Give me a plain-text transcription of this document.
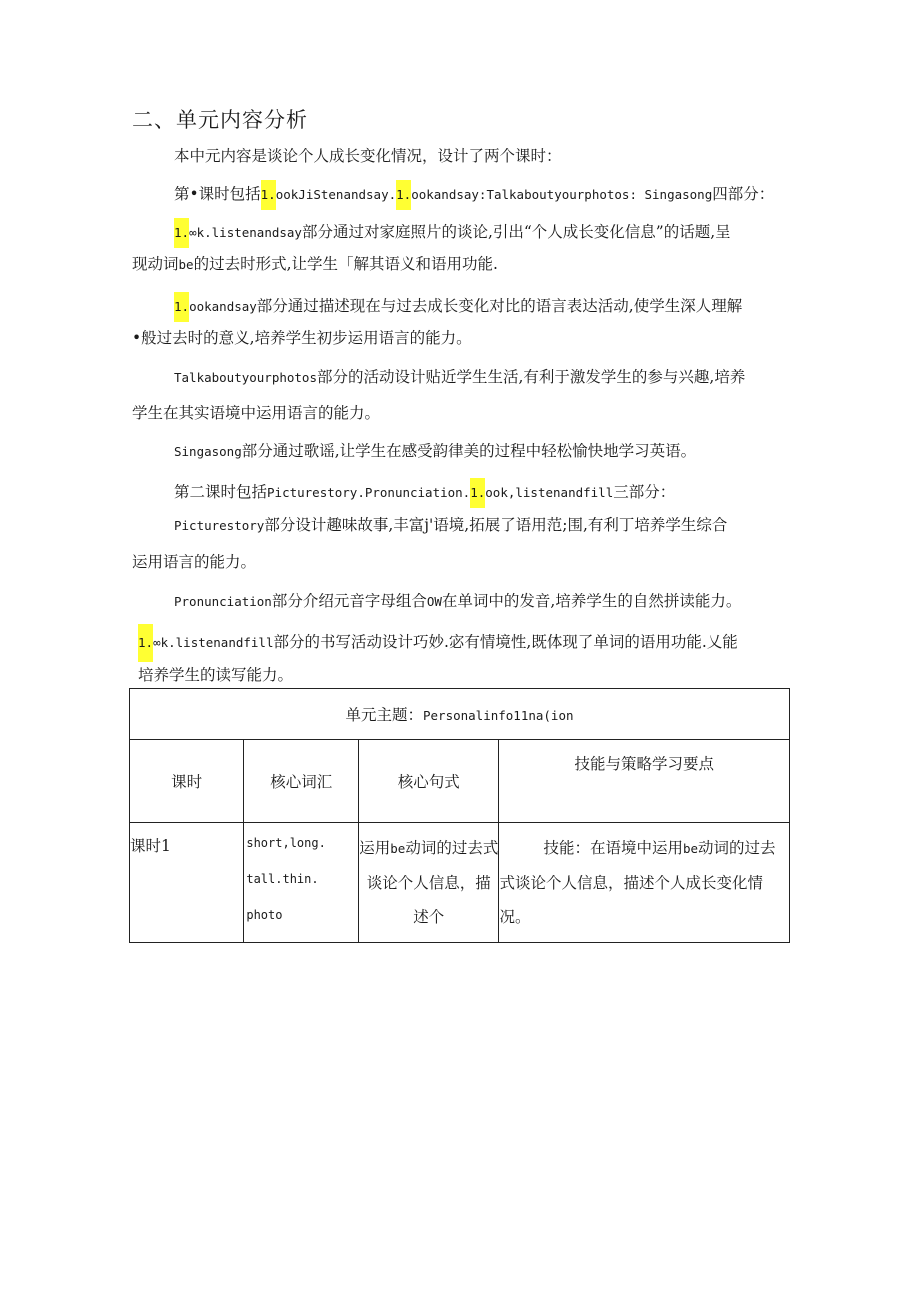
二、单元内容分析
本中元内容是谈论个人成长变化情况，设计了两个课时：
第•课时包括1.ookJiStenandsay.1.ookandsay:Talkaboutyourphotos: Singasong四部分：
1.∞k.listenandsay部分通过对家庭照片的谈论,引出“个人成长变化信息”的话题,呈
现动词be的过去时形式,让学生「解其语义和语用功能.
1.ookandsay部分通过描述现在与过去成长变化对比的语言表达活动,使学生深人理解
•般过去时的意义,培养学生初步运用语言的能力。
Talkaboutyourphotos部分的活动设计贴近学生生活,有利于激发学生的参与兴趣,培养
学生在其实语境中运用语言的能力。
Singasong部分通过歌谣,让学生在感受韵律美的过程中轻松愉快地学习英语。
第二课时包括Picturestory.Pronunciation.1.ook,listenandfill三部分：
Picturestory部分设计趣味故事,丰富j'语境,拓展了语用范;围,有利丁培养学生综合
运用语言的能力。
Pronunciation部分介绍元音字母组合OW在单词中的发音,培养学生的自然拼读能力。
1.∞k.listenandfill部分的书写活动设计巧妙.宓有情境性,既体现了单词的语用功能.乂能
培养学生的读写能力。
单元主题：Personalinfo11na(ion			
课时	核心词汇	核心句式	技能与策略学习要点
课时1	short,long.
tall.thin.
photo	运用be动词的过去式谈论个人信息，描述个	技能：在语境中运用be动词的过去式谈论个人信息，描述个人成长变化情况。
